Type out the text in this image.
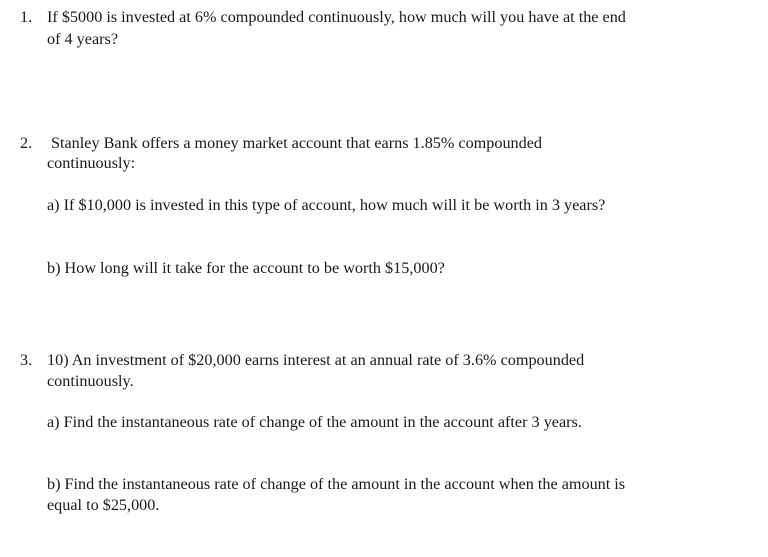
1. If $5000 is invested at 6% compounded continuously, how much will you have at the end
of 4 years?
2. Stanley Bank offers a money market account that earns 1.85% compounded
continuously:
a) If $10,000 is invested in this type of account, how much will it be worth in 3 years?
b) How long will it take for the account to be worth $15,000?
3. 10) An investment of $20,000 earns interest at an annual rate of 3.6% compounded
continuously.
a) Find the instantaneous rate of change of the amount in the account after 3 years.
b) Find the instantaneous rate of change of the amount in the account when the amount is
equal to $25,000.
